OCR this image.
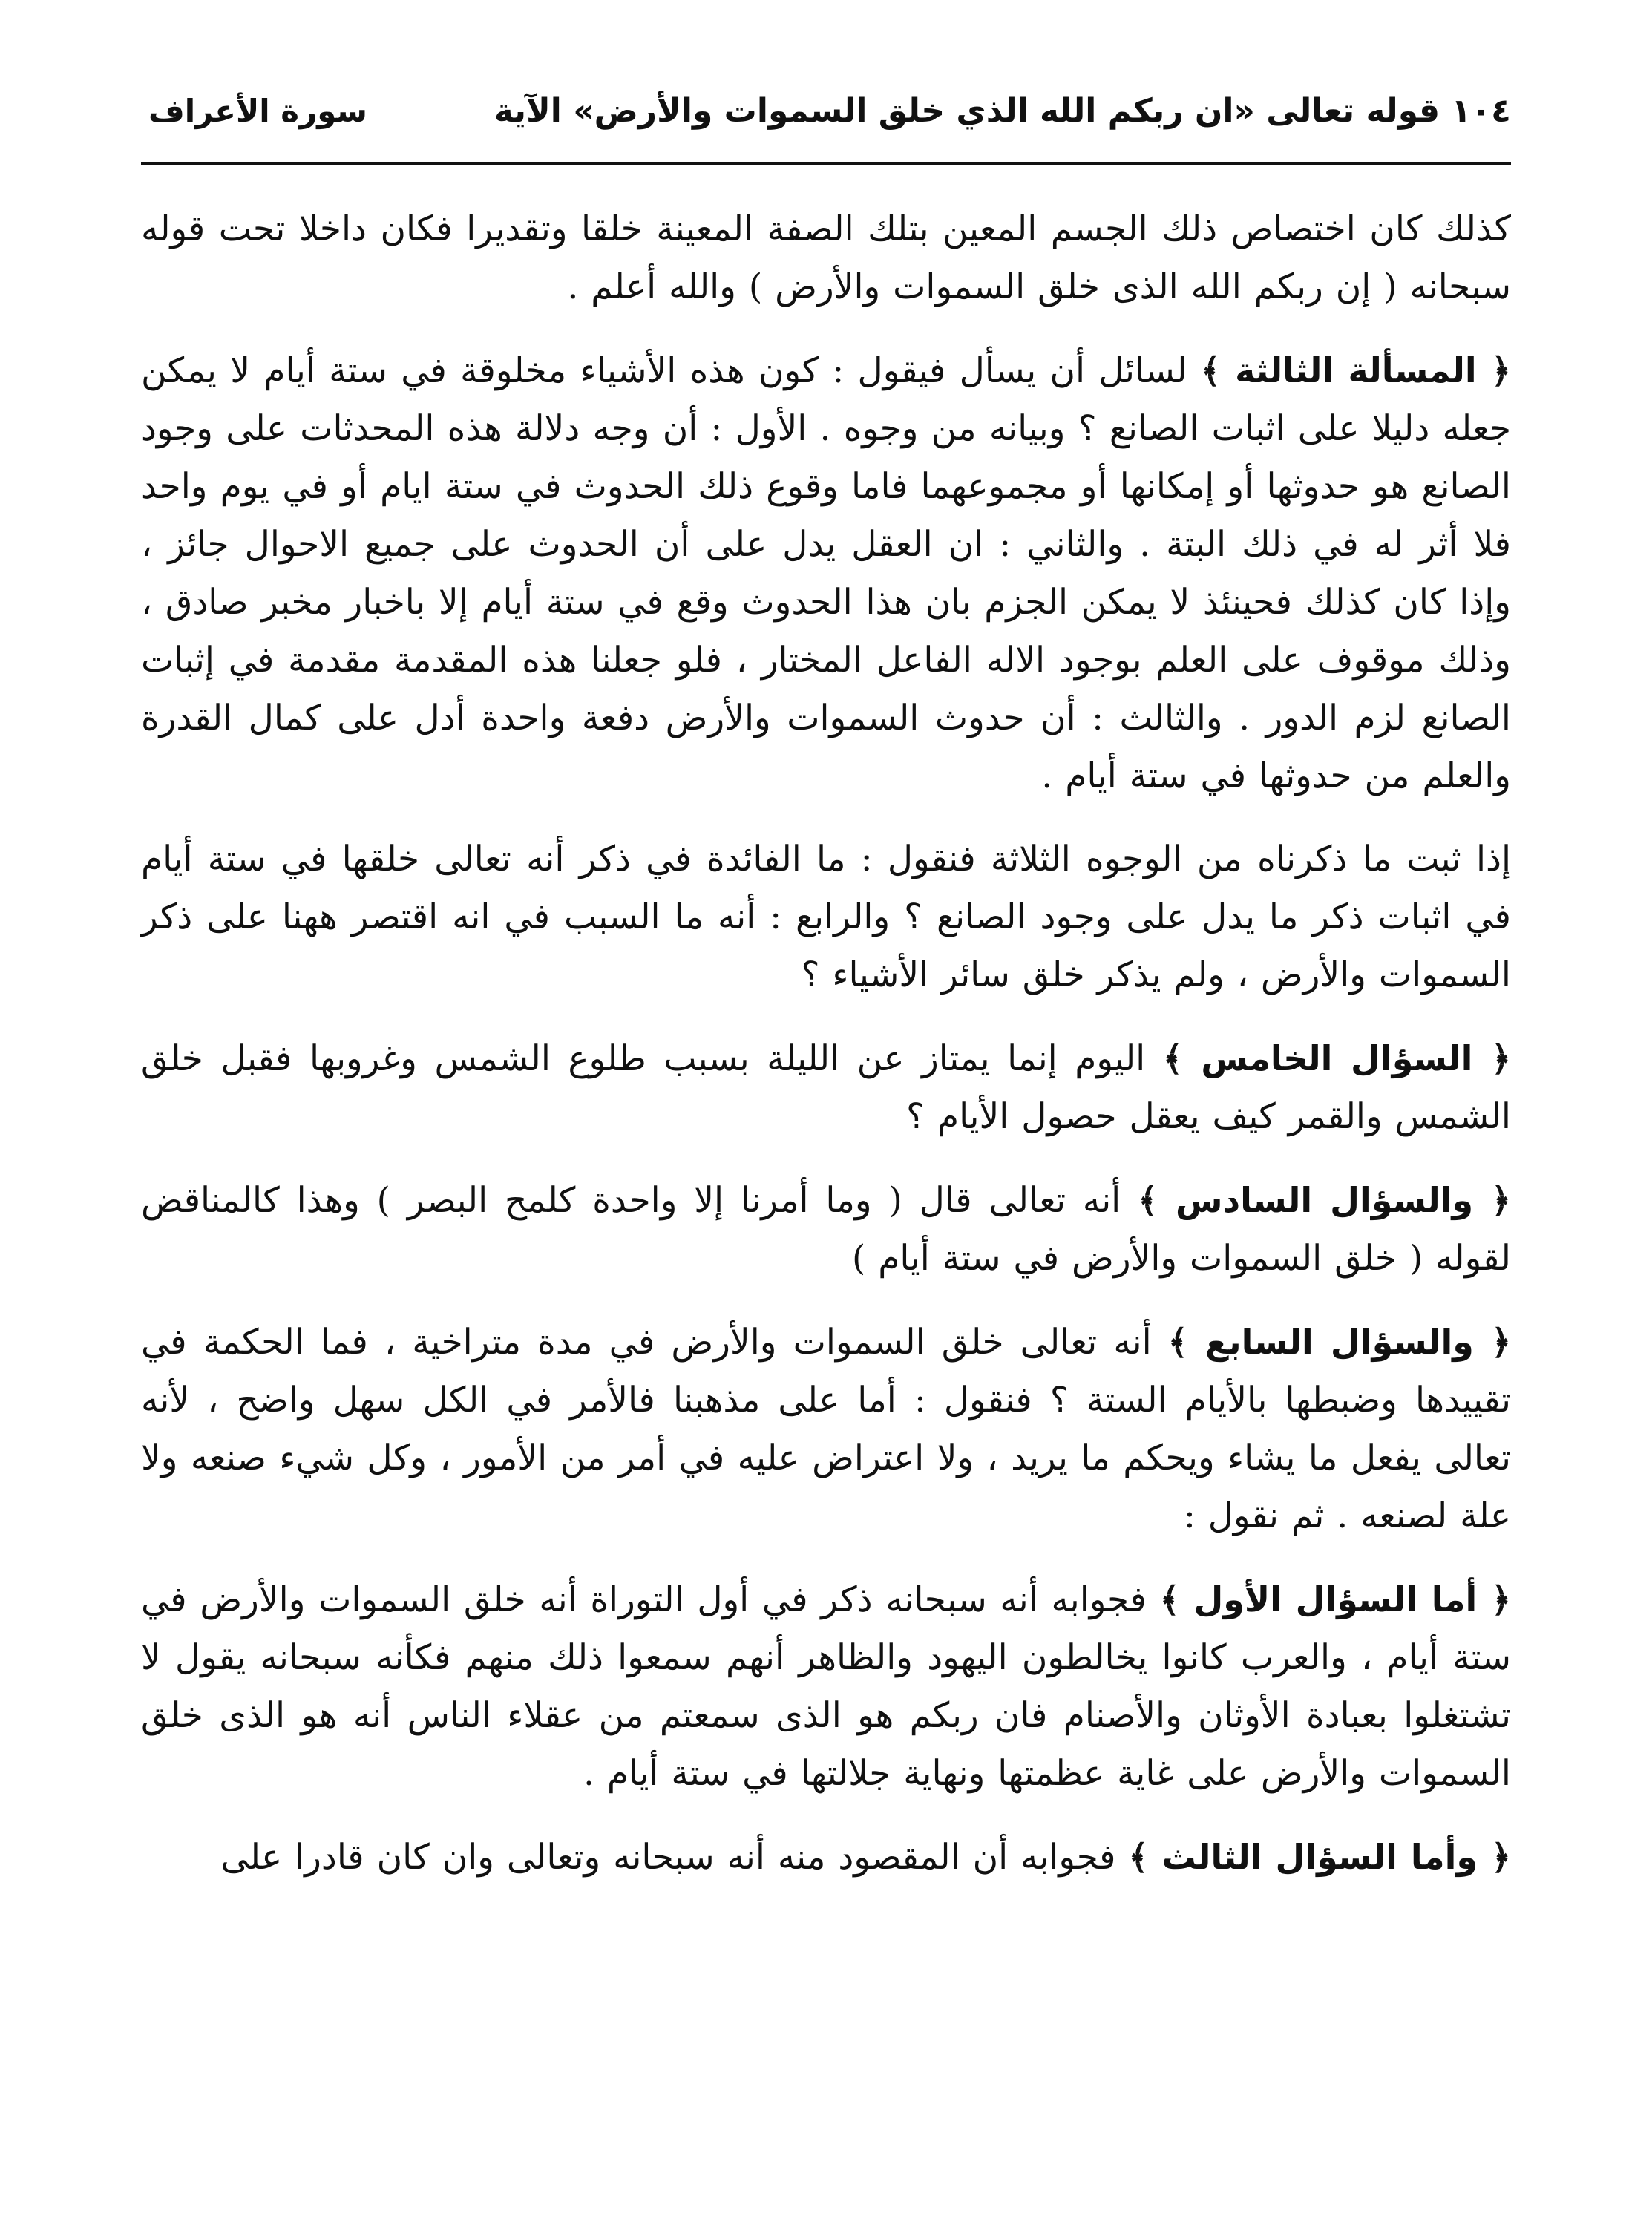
١٠٤ قوله تعالى «ان ربكم الله الذي خلق السموات والأرض» الآية
سورة الأعراف

كذلك كان اختصاص ذلك الجسم المعين بتلك الصفة المعينة خلقا وتقديرا فكان داخلا تحت قوله سبحانه ( إن ربكم الله الذى خلق السموات والأرض ) والله أعلم .

﴿ المسألة الثالثة ﴾ لسائل أن يسأل فيقول : كون هذه الأشياء مخلوقة في ستة أيام لا يمكن جعله دليلا على اثبات الصانع ؟ وبيانه من وجوه . الأول : أن وجه دلالة هذه المحدثات على وجود الصانع هو حدوثها أو إمكانها أو مجموعهما فاما وقوع ذلك الحدوث في ستة ايام أو في يوم واحد فلا أثر له في ذلك البتة . والثاني : ان العقل يدل على أن الحدوث على جميع الاحوال جائز ، وإذا كان كذلك فحينئذ لا يمكن الجزم بان هذا الحدوث وقع في ستة أيام إلا باخبار مخبر صادق ، وذلك موقوف على العلم بوجود الاله الفاعل المختار ، فلو جعلنا هذه المقدمة مقدمة في إثبات الصانع لزم الدور . والثالث : أن حدوث السموات والأرض دفعة واحدة أدل على كمال القدرة والعلم من حدوثها في ستة أيام .

إذا ثبت ما ذكرناه من الوجوه الثلاثة فنقول : ما الفائدة في ذكر أنه تعالى خلقها في ستة أيام في اثبات ذكر ما يدل على وجود الصانع ؟ والرابع : أنه ما السبب في انه اقتصر ههنا على ذكر السموات والأرض ، ولم يذكر خلق سائر الأشياء ؟

﴿ السؤال الخامس ﴾ اليوم إنما يمتاز عن الليلة بسبب طلوع الشمس وغروبها فقبل خلق الشمس والقمر كيف يعقل حصول الأيام ؟

﴿ والسؤال السادس ﴾ أنه تعالى قال ( وما أمرنا إلا واحدة كلمح البصر ) وهذا كالمناقض لقوله ( خلق السموات والأرض في ستة أيام )

﴿ والسؤال السابع ﴾ أنه تعالى خلق السموات والأرض في مدة متراخية ، فما الحكمة في تقييدها وضبطها بالأيام الستة ؟ فنقول : أما على مذهبنا فالأمر في الكل سهل واضح ، لأنه تعالى يفعل ما يشاء ويحكم ما يريد ، ولا اعتراض عليه في أمر من الأمور ، وكل شيء صنعه ولا علة لصنعه . ثم نقول :

﴿ أما السؤال الأول ﴾ فجوابه أنه سبحانه ذكر في أول التوراة أنه خلق السموات والأرض في ستة أيام ، والعرب كانوا يخالطون اليهود والظاهر أنهم سمعوا ذلك منهم فكأنه سبحانه يقول لا تشتغلوا بعبادة الأوثان والأصنام فان ربكم هو الذى سمعتم من عقلاء الناس أنه هو الذى خلق السموات والأرض على غاية عظمتها ونهاية جلالتها في ستة أيام .

﴿ وأما السؤال الثالث ﴾ فجوابه أن المقصود منه أنه سبحانه وتعالى وان كان قادرا على
